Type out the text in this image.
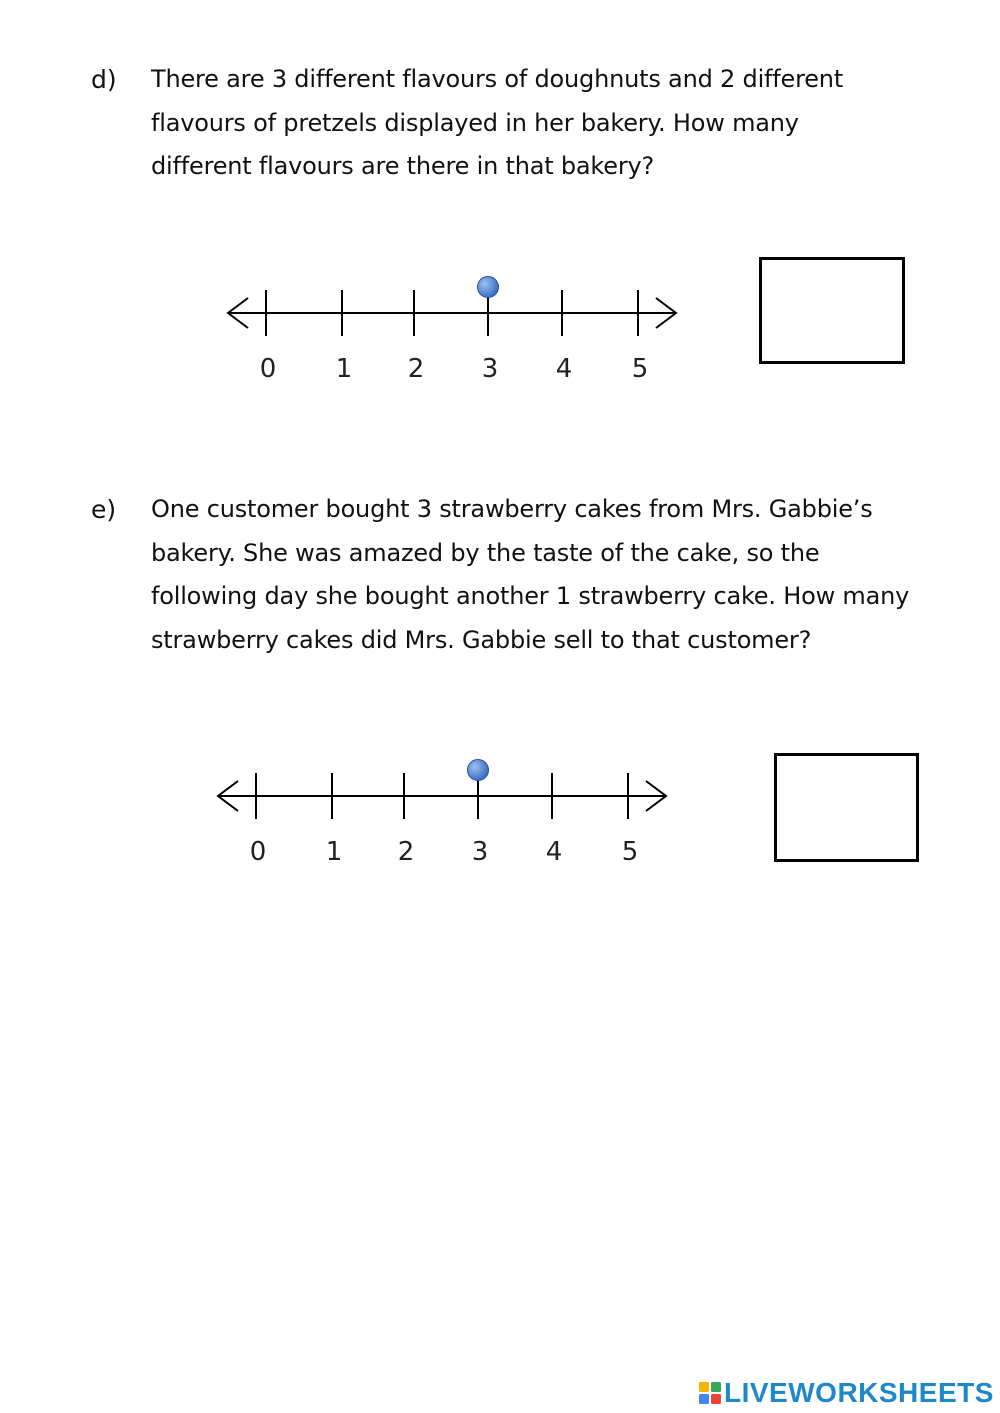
d) There are 3 different flavours of doughnuts and 2 different
flavours of pretzels displayed in her bakery. How many
different flavours are there in that bakery?
0 1 2 3 4 5
e) One customer bought 3 strawberry cakes from Mrs. Gabbie’s
bakery. She was amazed by the taste of the cake, so the
following day she bought another 1 strawberry cake. How many
strawberry cakes did Mrs. Gabbie sell to that customer?
0 1 2 3 4 5
LIVEWORKSHEETS
